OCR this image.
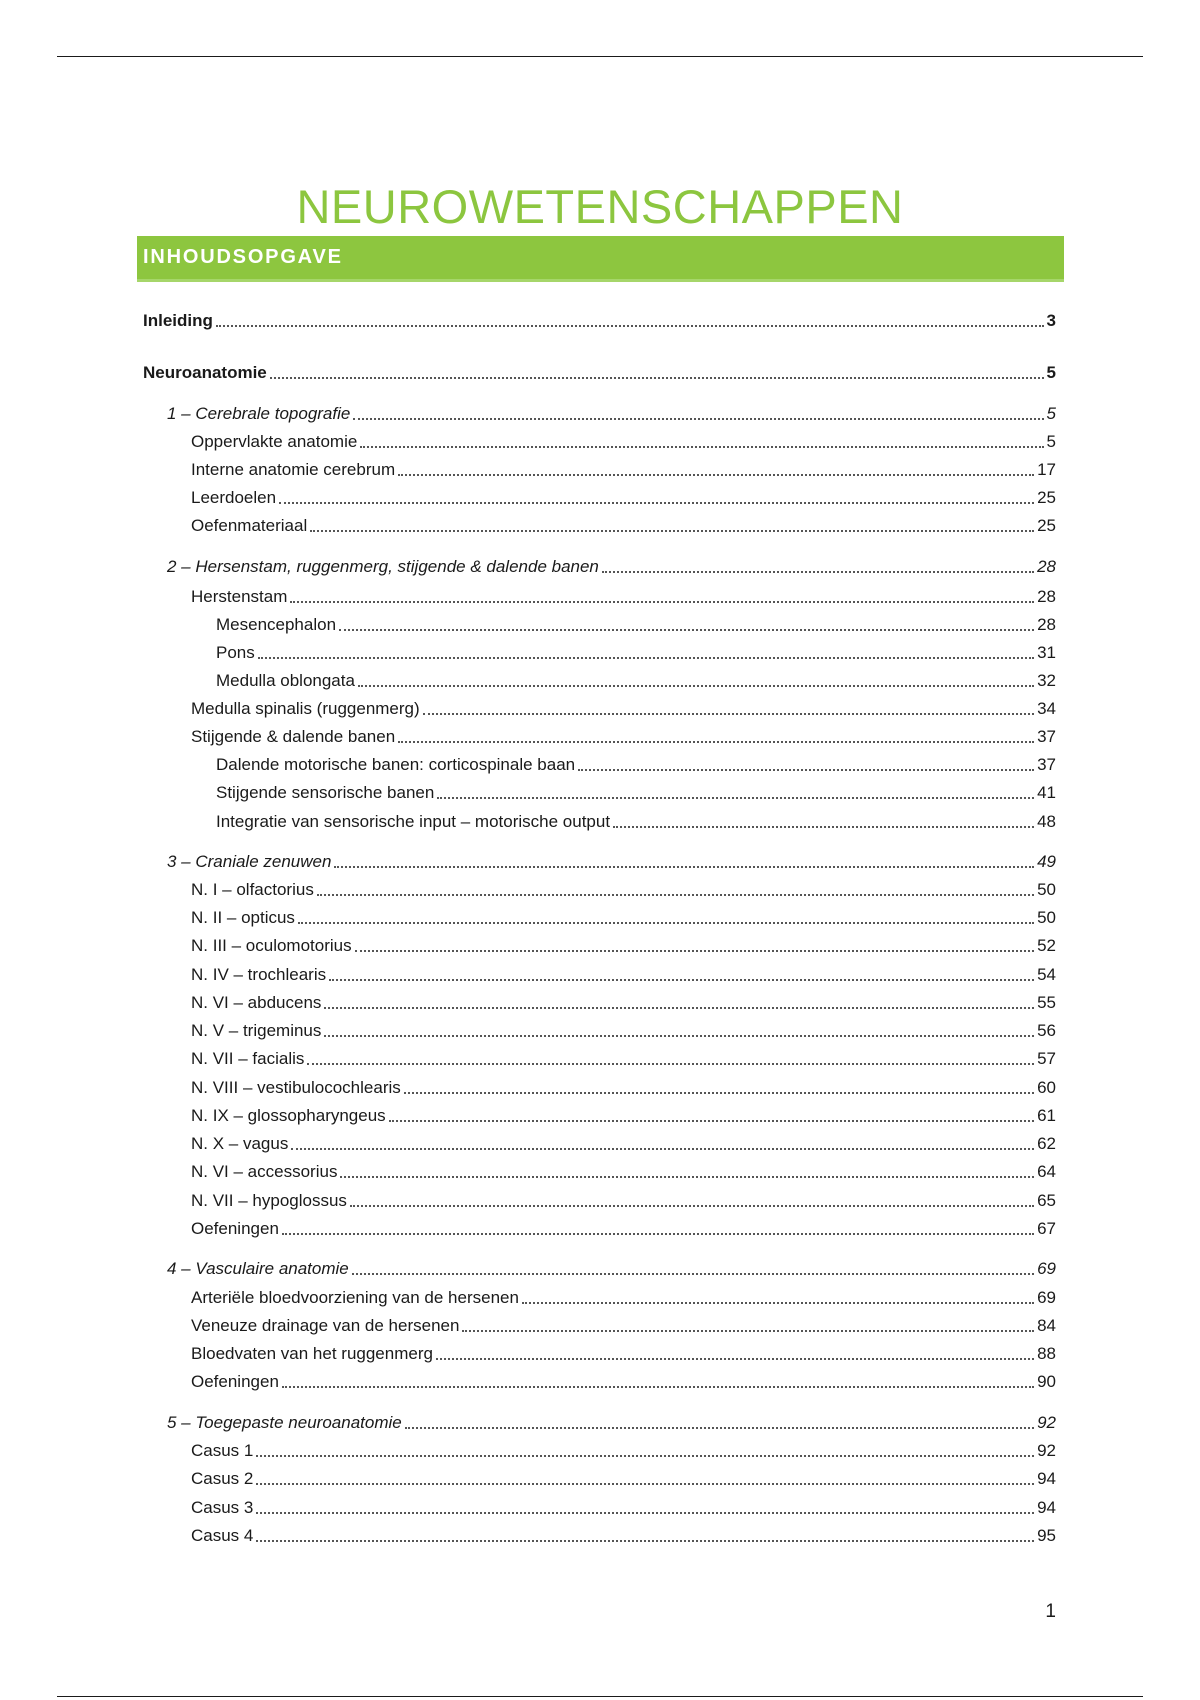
NEUROWETENSCHAPPEN
INHOUDSOPGAVE
Inleiding	3
Neuroanatomie	5
1 – Cerebrale topografie	5
Oppervlakte anatomie	5
Interne anatomie cerebrum	17
Leerdoelen	25
Oefenmateriaal	25
2 – Hersenstam, ruggenmerg, stijgende & dalende banen	28
Herstenstam	28
Mesencephalon	28
Pons	31
Medulla oblongata	32
Medulla spinalis (ruggenmerg)	34
Stijgende & dalende banen	37
Dalende motorische banen: corticospinale baan	37
Stijgende sensorische banen	41
Integratie van sensorische input – motorische output	48
3 – Craniale zenuwen	49
N. I – olfactorius	50
N. II – opticus	50
N. III – oculomotorius	52
N. IV – trochlearis	54
N. VI – abducens	55
N. V – trigeminus	56
N. VII – facialis	57
N. VIII – vestibulocochlearis	60
N. IX – glossopharyngeus	61
N. X – vagus	62
N. VI – accessorius	64
N. VII – hypoglossus	65
Oefeningen	67
4 – Vasculaire anatomie	69
Arteriële bloedvoorziening van de hersenen	69
Veneuze drainage van de hersenen	84
Bloedvaten van het ruggenmerg	88
Oefeningen	90
5 – Toegepaste neuroanatomie	92
Casus 1	92
Casus 2	94
Casus 3	94
Casus 4	95
1
